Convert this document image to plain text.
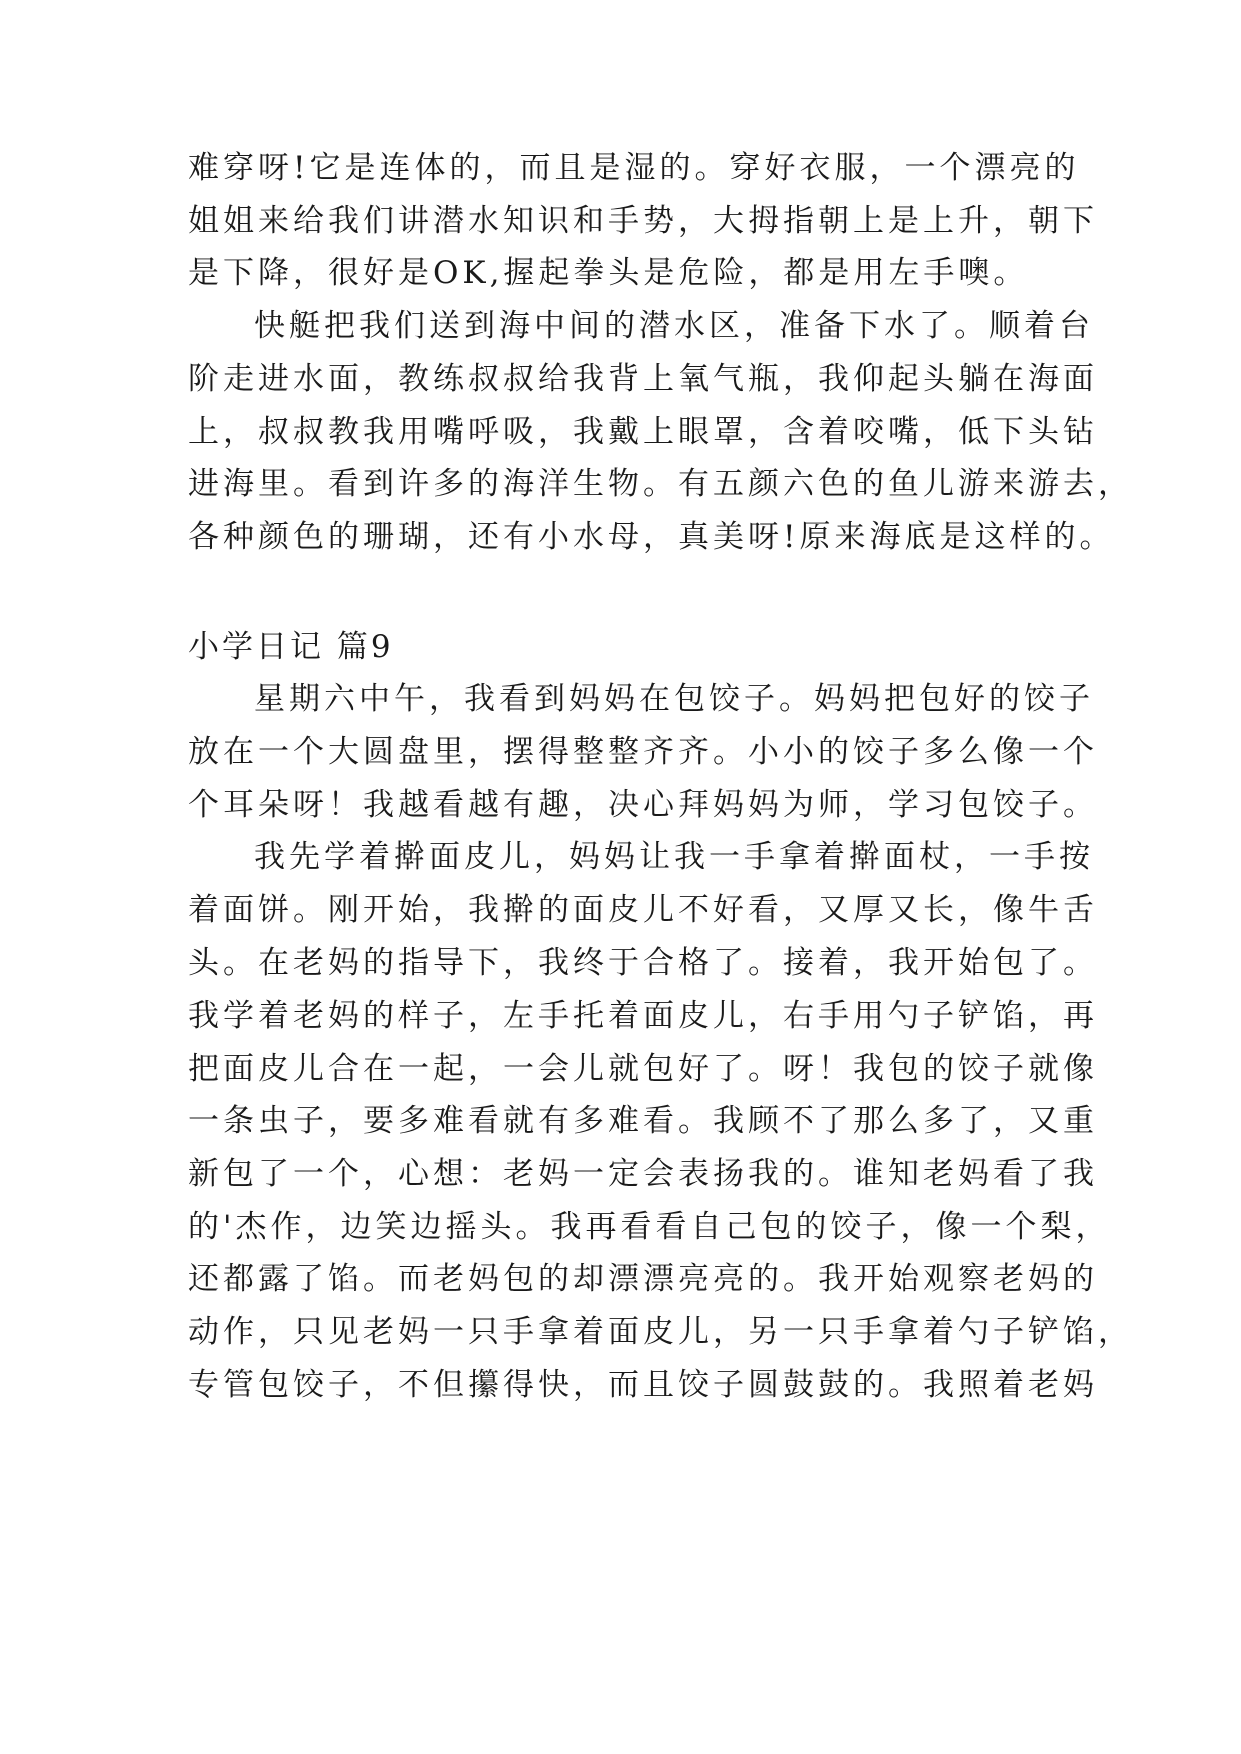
难穿呀!它是连体的，而且是湿的。穿好衣服，一个漂亮的
姐姐来给我们讲潜水知识和手势，大拇指朝上是上升，朝下
是下降，很好是OK,握起拳头是危险，都是用左手噢。
快艇把我们送到海中间的潜水区，准备下水了。顺着台
阶走进水面，教练叔叔给我背上氧气瓶，我仰起头躺在海面
上，叔叔教我用嘴呼吸，我戴上眼罩，含着咬嘴，低下头钻
进海里。看到许多的海洋生物。有五颜六色的鱼儿游来游去，
各种颜色的珊瑚，还有小水母，真美呀!原来海底是这样的。
小学日记 篇9
星期六中午，我看到妈妈在包饺子。妈妈把包好的饺子
放在一个大圆盘里，摆得整整齐齐。小小的饺子多么像一个
个耳朵呀！我越看越有趣，决心拜妈妈为师，学习包饺子。
我先学着擀面皮儿，妈妈让我一手拿着擀面杖，一手按
着面饼。刚开始，我擀的面皮儿不好看，又厚又长，像牛舌
头。在老妈的指导下，我终于合格了。接着，我开始包了。
我学着老妈的样子，左手托着面皮儿，右手用勺子铲馅，再
把面皮儿合在一起，一会儿就包好了。呀！我包的饺子就像
一条虫子，要多难看就有多难看。我顾不了那么多了，又重
新包了一个，心想：老妈一定会表扬我的。谁知老妈看了我
的'杰作，边笑边摇头。我再看看自己包的饺子，像一个梨，
还都露了馅。而老妈包的却漂漂亮亮的。我开始观察老妈的
动作，只见老妈一只手拿着面皮儿，另一只手拿着勺子铲馅，
专管包饺子，不但攥得快，而且饺子圆鼓鼓的。我照着老妈
